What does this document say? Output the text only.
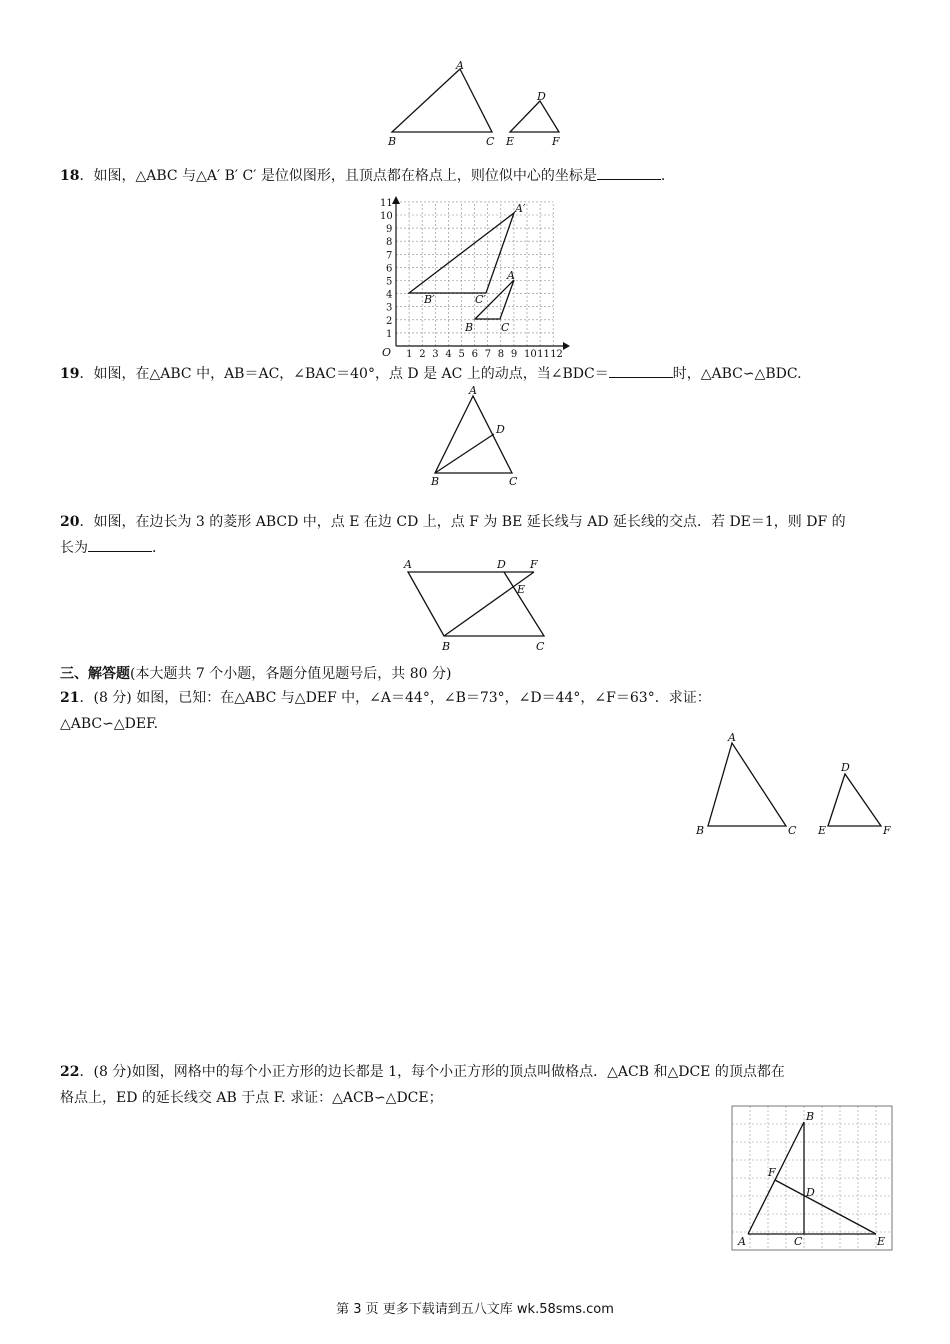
A
B	C
D
E	F
18．如图，△ABC 与△A′ B′ C′ 是位似图形，且顶点都在格点上，则位似中心的坐标是	．
1 2 3 4 5 6 7 8 9 10 11 12
1
2
3
4
5
6
7
8
9
10
11
O
A′
B′	C′
A
B	C
19．如图，在△ABC 中，AB＝AC，∠BAC＝40°，点 D 是 AC 上的动点，当∠BDC＝	时，△ABC∽△BDC.
A
B	C
D
20．如图，在边长为 3 的菱形 ABCD 中，点 E 在边 CD 上，点 F 为 BE 延长线与 AD 延长线的交点．若 DE＝1，则 DF 的
长为	．
A
B	C
D
E
F
三、解答题(本大题共 7 个小题，各题分值见题号后，共 80 分)
21．(8 分) 如图，已知：在△ABC 与△DEF 中，∠A＝44°，∠B＝73°，∠D＝44°，∠F＝63°．求证：
△ABC∽△DEF.
A
B	C
D
E	F
22．(8 分)如图，网格中的每个小正方形的边长都是 1，每个小正方形的顶点叫做格点．△ACB 和△DCE 的顶点都在
格点上，ED 的延长线交 AB 于点 F. 求证：△ACB∽△DCE；
A
B
C
D
E
F
第 3 页 更多下载请到五八文库 wk.58sms.com
